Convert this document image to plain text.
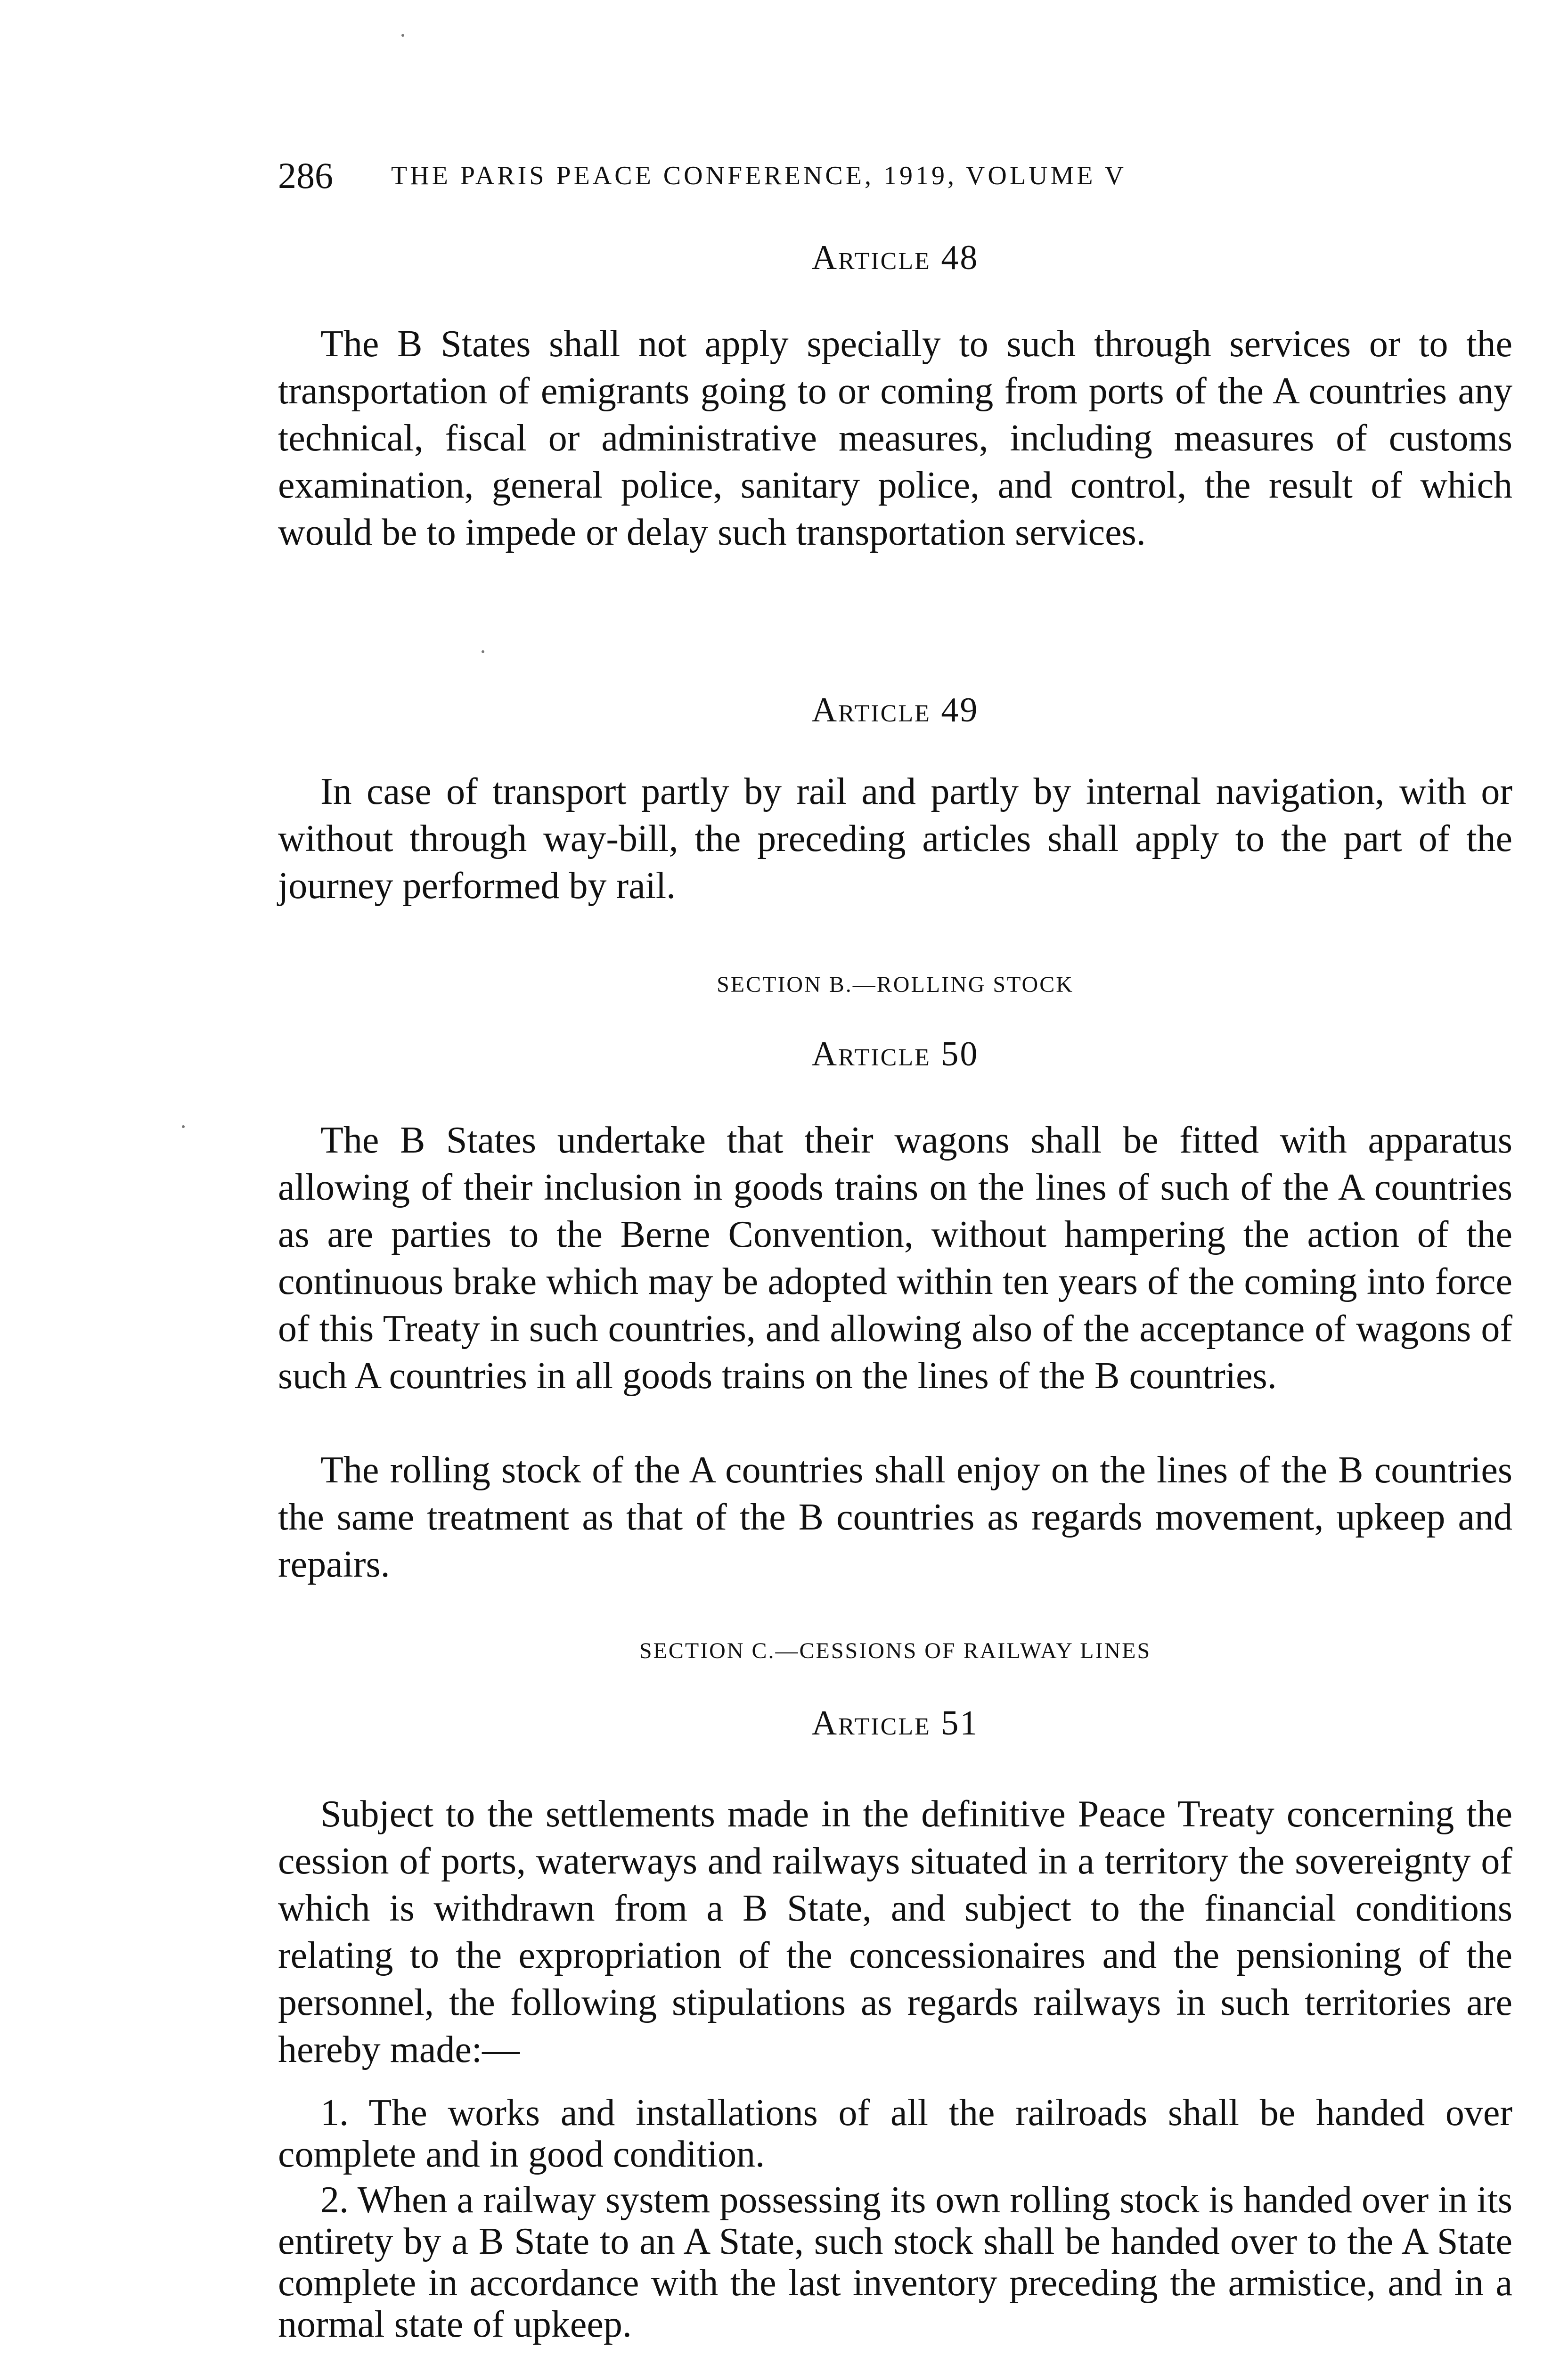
286	THE PARIS PEACE CONFERENCE, 1919, VOLUME V
Article 48

The B States shall not apply specially to such through services or to the transportation of emigrants going to or coming from ports of the A countries any technical, fiscal or administrative measures, including measures of customs examination, general police, sanitary police, and control, the result of which would be to impede or delay such transportation services.

Article 49

In case of transport partly by rail and partly by internal navigation, with or without through way-bill, the preceding articles shall apply to the part of the journey performed by rail.

SECTION B.—ROLLING STOCK
Article 50

The B States undertake that their wagons shall be fitted with apparatus allowing of their inclusion in goods trains on the lines of such of the A countries as are parties to the Berne Convention, without hampering the action of the continuous brake which may be adopted within ten years of the coming into force of this Treaty in such countries, and allowing also of the acceptance of wagons of such A countries in all goods trains on the lines of the B countries.

The rolling stock of the A countries shall enjoy on the lines of the B countries the same treatment as that of the B countries as regards movement, upkeep and repairs.

SECTION C.—CESSIONS OF RAILWAY LINES
Article 51

Subject to the settlements made in the definitive Peace Treaty concerning the cession of ports, waterways and railways situated in a territory the sovereignty of which is withdrawn from a B State, and subject to the financial conditions relating to the expropriation of the concessionaires and the pensioning of the personnel, the following stipulations as regards railways in such territories are hereby made:—

1. The works and installations of all the railroads shall be handed over complete and in good condition.

2. When a railway system possessing its own rolling stock is handed over in its entirety by a B State to an A State, such stock shall be handed over to the A State complete in accordance with the last inventory preceding the armistice, and in a normal state of upkeep.
